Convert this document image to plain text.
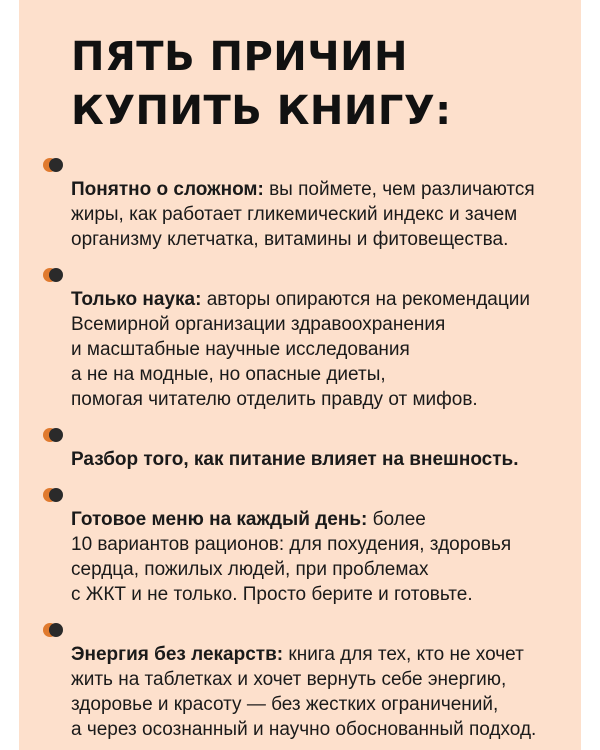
ПЯТЬ ПРИЧИН
КУПИТЬ КНИГУ:

Понятно о сложном: вы поймете, чем различаются
жиры, как работает гликемический индекс и зачем
организму клетчатка, витамины и фитовещества.

Только наука: авторы опираются на рекомендации
Всемирной организации здравоохранения
и масштабные научные исследования
а не на модные, но опасные диеты,
помогая читателю отделить правду от мифов.

Разбор того, как питание влияет на внешность.

Готовое меню на каждый день: более
10 вариантов рационов: для похудения, здоровья
сердца, пожилых людей, при проблемах
с ЖКТ и не только. Просто берите и готовьте.

Энергия без лекарств: книга для тех, кто не хочет
жить на таблетках и хочет вернуть себе энергию,
здоровье и красоту — без жестких ограничений,
а через осознанный и научно обоснованный подход.
